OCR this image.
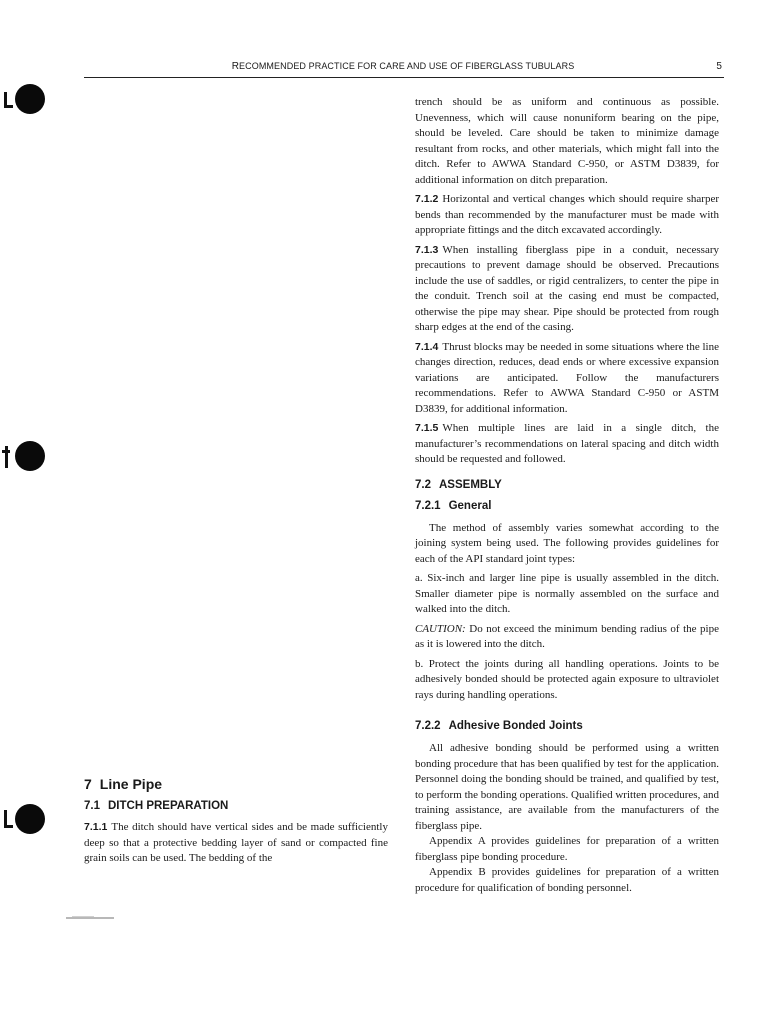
RECOMMENDED PRACTICE FOR CARE AND USE OF FIBERGLASS TUBULARS	5

trench should be as uniform and continuous as possible. Unevenness, which will cause nonuniform bearing on the pipe, should be leveled. Care should be taken to minimize damage resultant from rocks, and other materials, which might fall into the ditch. Refer to AWWA Standard C-950, or ASTM D3839, for additional information on ditch preparation.

7.1.2 Horizontal and vertical changes which should require sharper bends than recommended by the manufacturer must be made with appropriate fittings and the ditch excavated accordingly.

7.1.3 When installing fiberglass pipe in a conduit, necessary precautions to prevent damage should be observed. Precautions include the use of saddles, or rigid centralizers, to center the pipe in the conduit. Trench soil at the casing end must be compacted, otherwise the pipe may shear. Pipe should be protected from rough sharp edges at the end of the casing.

7.1.4 Thrust blocks may be needed in some situations where the line changes direction, reduces, dead ends or where excessive expansion variations are anticipated. Follow the manufacturers recommendations. Refer to AWWA Standard C-950 or ASTM D3839, for additional information.

7.1.5 When multiple lines are laid in a single ditch, the manufacturer’s recommendations on lateral spacing and ditch width should be requested and followed.

7.2 ASSEMBLY
7.2.1 General

The method of assembly varies somewhat according to the joining system being used. The following provides guidelines for each of the API standard joint types:

a. Six-inch and larger line pipe is usually assembled in the ditch. Smaller diameter pipe is normally assembled on the surface and walked into the ditch.

CAUTION: Do not exceed the minimum bending radius of the pipe as it is lowered into the ditch.

b. Protect the joints during all handling operations. Joints to be adhesively bonded should be protected again exposure to ultraviolet rays during handling operations.

7.2.2 Adhesive Bonded Joints

All adhesive bonding should be performed using a written bonding procedure that has been qualified by test for the application. Personnel doing the bonding should be trained, and qualified by test, to perform the bonding operations. Qualified written procedures, and training assistance, are available from the manufacturers of the fiberglass pipe.

Appendix A provides guidelines for preparation of a written fiberglass pipe bonding procedure.

Appendix B provides guidelines for preparation of a written procedure for qualification of bonding personnel.

7 Line Pipe
7.1 DITCH PREPARATION

7.1.1 The ditch should have vertical sides and be made sufficiently deep so that a protective bedding layer of sand or compacted fine grain soils can be used. The bedding of the
